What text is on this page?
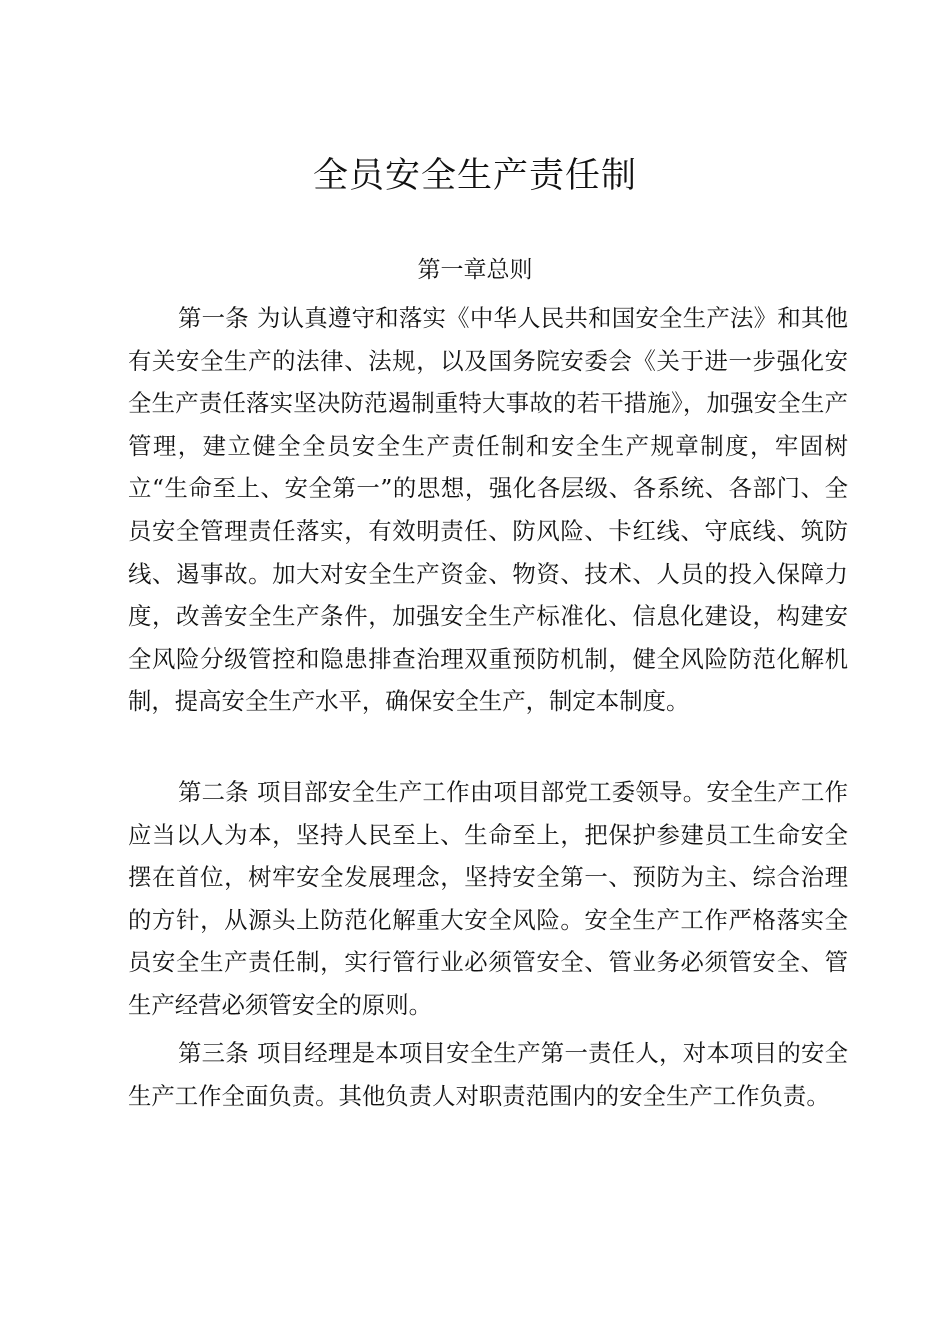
全员安全生产责任制
第一章总则

第一条 为认真遵守和落实《中华人民共和国安全生产法》和其他有关安全生产的法律、法规，以及国务院安委会《关于进一步强化安全生产责任落实坚决防范遏制重特大事故的若干措施》，加强安全生产管理，建立健全全员安全生产责任制和安全生产规章制度，牢固树立“生命至上、安全第一”的思想，强化各层级、各系统、各部门、全员安全管理责任落实，有效明责任、防风险、卡红线、守底线、筑防线、遏事故。加大对安全生产资金、物资、技术、人员的投入保障力度，改善安全生产条件，加强安全生产标准化、信息化建设，构建安全风险分级管控和隐患排查治理双重预防机制，健全风险防范化解机制，提高安全生产水平，确保安全生产，制定本制度。

第二条 项目部安全生产工作由项目部党工委领导。安全生产工作应当以人为本，坚持人民至上、生命至上，把保护参建员工生命安全摆在首位，树牢安全发展理念，坚持安全第一、预防为主、综合治理的方针，从源头上防范化解重大安全风险。安全生产工作严格落实全员安全生产责任制，实行管行业必须管安全、管业务必须管安全、管生产经营必须管安全的原则。

第三条 项目经理是本项目安全生产第一责任人，对本项目的安全生产工作全面负责。其他负责人对职责范围内的安全生产工作负责。
